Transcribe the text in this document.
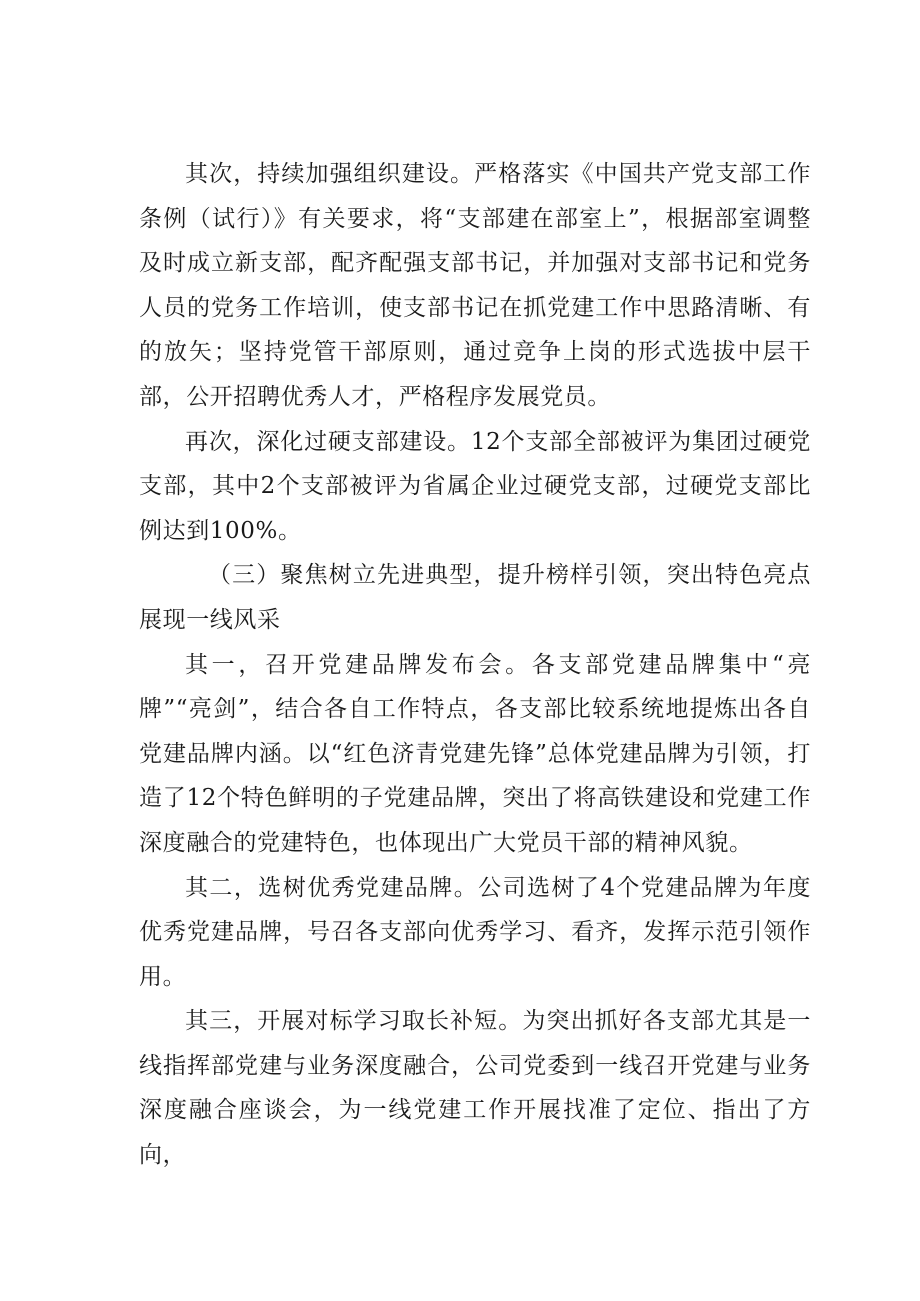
其次，持续加强组织建设。严格落实《中国共产党支部工作条例（试行）》有关要求，将“支部建在部室上”，根据部室调整及时成立新支部，配齐配强支部书记，并加强对支部书记和党务人员的党务工作培训，使支部书记在抓党建工作中思路清晰、有的放矢；坚持党管干部原则，通过竞争上岗的形式选拔中层干部，公开招聘优秀人才，严格程序发展党员。

再次，深化过硬支部建设。12个支部全部被评为集团过硬党支部，其中2个支部被评为省属企业过硬党支部，过硬党支部比例达到100%。

（三）聚焦树立先进典型，提升榜样引领，突出特色亮点展现一线风采

其一，召开党建品牌发布会。各支部党建品牌集中“亮牌”“亮剑”，结合各自工作特点，各支部比较系统地提炼出各自党建品牌内涵。以“红色济青党建先锋”总体党建品牌为引领，打造了12个特色鲜明的子党建品牌，突出了将高铁建设和党建工作深度融合的党建特色，也体现出广大党员干部的精神风貌。

其二，选树优秀党建品牌。公司选树了4个党建品牌为年度优秀党建品牌，号召各支部向优秀学习、看齐，发挥示范引领作用。

其三，开展对标学习取长补短。为突出抓好各支部尤其是一线指挥部党建与业务深度融合，公司党委到一线召开党建与业务深度融合座谈会，为一线党建工作开展找准了定位、指出了方向，
